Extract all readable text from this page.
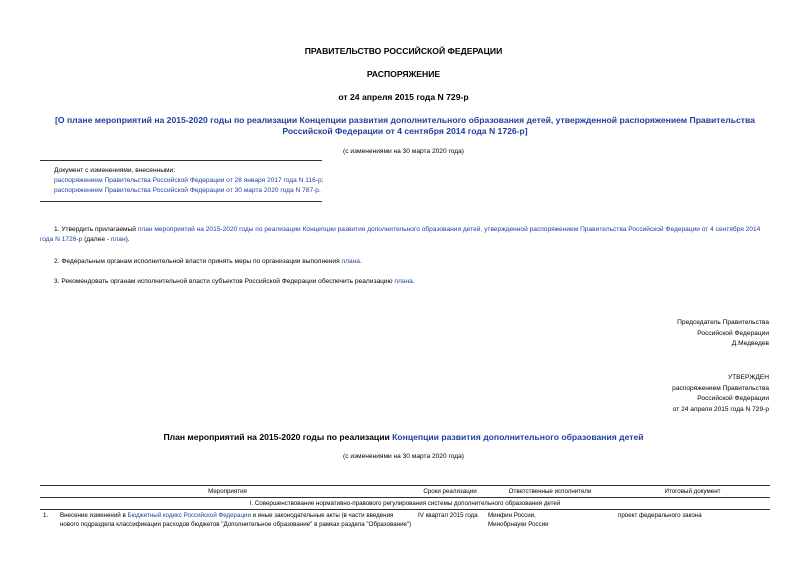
ПРАВИТЕЛЬСТВО РОССИЙСКОЙ ФЕДЕРАЦИИ
РАСПОРЯЖЕНИЕ
от 24 апреля 2015 года N 729-р
[О плане мероприятий на 2015-2020 годы по реализации Концепции развития дополнительного образования детей, утвержденной распоряжением Правительства Российской Федерации от 4 сентября 2014 года N 1726-р]
(с изменениями на 30 марта 2020 года)
Документ с изменениями, внесенными:
распоряжением Правительства Российской Федерации от 28 января 2017 года N 116-р;
распоряжением Правительства Российской Федерации от 30 марта 2020 года N 787-р.
1. Утвердить прилагаемый план мероприятий на 2015-2020 годы по реализации Концепции развития дополнительного образования детей, утвержденной распоряжением Правительства Российской Федерации от 4 сентября 2014 года N 1726-р (далее - план).
2. Федеральным органам исполнительной власти принять меры по организации выполнения плана.
3. Рекомендовать органам исполнительной власти субъектов Российской Федерации обеспечить реализацию плана.
Председатель Правительства
Российской Федерации
Д.Медведев
УТВЕРЖДЕН
распоряжением Правительства
Российской Федерации
от 24 апреля 2015 года N 729-р
План мероприятий на 2015-2020 годы по реализации Концепции развития дополнительного образования детей
(с изменениями на 30 марта 2020 года)
Мероприятия		Сроки реализации	Ответственные исполнители	Итоговый документ
I. Совершенствование нормативно-правового регулирования системы дополнительного образования детей				
1.	Внесение изменений в Бюджетный кодекс Российской Федерации и иные законодательные акты (в части введения нового подраздела классификации расходов бюджетов "Дополнительное образование" в рамках раздела "Образование")	IV квартал 2015 года	Минфин России,
Минобрнауки России	проект федерального закона
